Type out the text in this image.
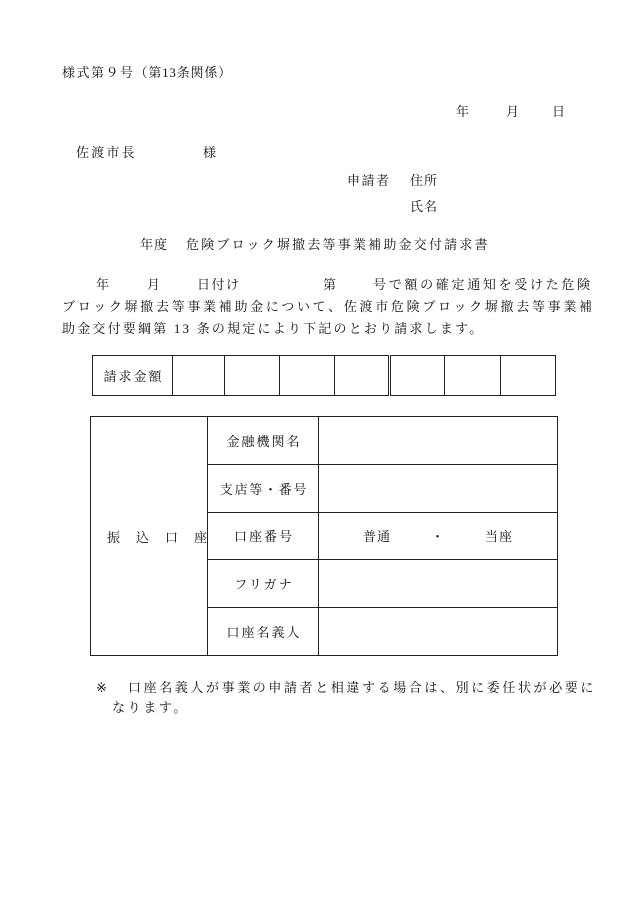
様式第９号（第13条関係）
年	月	日
佐渡市長	様
申請者 住所
氏名
年度 危険ブロック塀撤去等事業補助金交付請求書
年	月	日付け	第	号で額の確定通知を受けた危険
ブロック塀撤去等事業補助金について、佐渡市危険ブロック塀撤去等事業補
助金交付要綱第 13 条の規定により下記のとおり請求します。
請求金額							
振込口座	金融機関名	
	支店等・番号	
	口座番号	普通 ・ 当座

	フリガナ	
	口座名義人	
※ 口座名義人が事業の申請者と相違する場合は、別に委任状が必要に
なります。
